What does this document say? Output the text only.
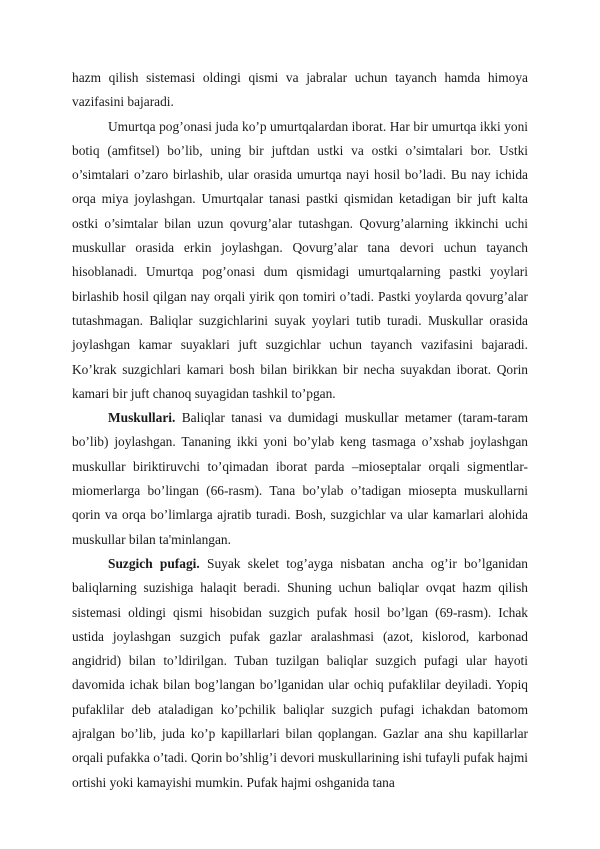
hazm qilish sistemasi oldingi qismi va jabralar uchun tayanch hamda himoya vazifasini bajaradi.

Umurtqa pog’onasi juda ko’p umurtqalardan iborat. Har bir umurtqa ikki yoni botiq (amfitsel) bo’lib, uning bir juftdan ustki va ostki o’simtalari bor. Ustki o’simtalari o’zaro birlashib, ular orasida umurtqa nayi hosil bo’ladi. Bu nay ichida orqa miya joylashgan. Umurtqalar tanasi pastki qismidan ketadigan bir juft kalta ostki o’simtalar bilan uzun qovurg’alar tutashgan. Qovurg’alarning ikkinchi uchi muskullar orasida erkin joylashgan. Qovurg’alar tana devori uchun tayanch hisoblanadi. Umurtqa pog’onasi dum qismidagi umurtqalarning pastki yoylari birlashib hosil qilgan nay orqali yirik qon tomiri o’tadi. Pastki yoylarda qovurg’alar tutashmagan. Baliqlar suzgichlarini suyak yoylari tutib turadi. Muskullar orasida joylashgan kamar suyaklari juft suzgichlar uchun tayanch vazifasini bajaradi. Ko’krak suzgichlari kamari bosh bilan birikkan bir necha suyakdan iborat. Qorin kamari bir juft chanoq suyagidan tashkil to’pgan.

Muskullari. Baliqlar tanasi va dumidagi muskullar metamer (taram-taram bo’lib) joylashgan. Tananing ikki yoni bo’ylab keng tasmaga o’xshab joylashgan muskullar biriktiruvchi to’qimadan iborat parda –mioseptalar orqali sigmentlar-miomerlarga bo’lingan (66-rasm). Tana bo’ylab o’tadigan miosepta muskullarni qorin va orqa bo’limlarga ajratib turadi. Bosh, suzgichlar va ular kamarlari alohida muskullar bilan ta'minlangan.

Suzgich pufagi. Suyak skelet tog’ayga nisbatan ancha og’ir bo’lganidan baliqlarning suzishiga halaqit beradi. Shuning uchun baliqlar ovqat hazm qilish sistemasi oldingi qismi hisobidan suzgich pufak hosil bo’lgan (69-rasm). Ichak ustida joylashgan suzgich pufak gazlar aralashmasi (azot, kislorod, karbonad angidrid) bilan to’ldirilgan. Tuban tuzilgan baliqlar suzgich pufagi ular hayoti davomida ichak bilan bog’langan bo’lganidan ular ochiq pufaklilar deyiladi. Yopiq pufaklilar deb ataladigan ko’pchilik baliqlar suzgich pufagi ichakdan batomom ajralgan bo’lib, juda ko’p kapillarlari bilan qoplangan. Gazlar ana shu kapillarlar orqali pufakka o’tadi. Qorin bo’shlig’i devori muskullarining ishi tufayli pufak hajmi ortishi yoki kamayishi mumkin. Pufak hajmi oshganida tana
